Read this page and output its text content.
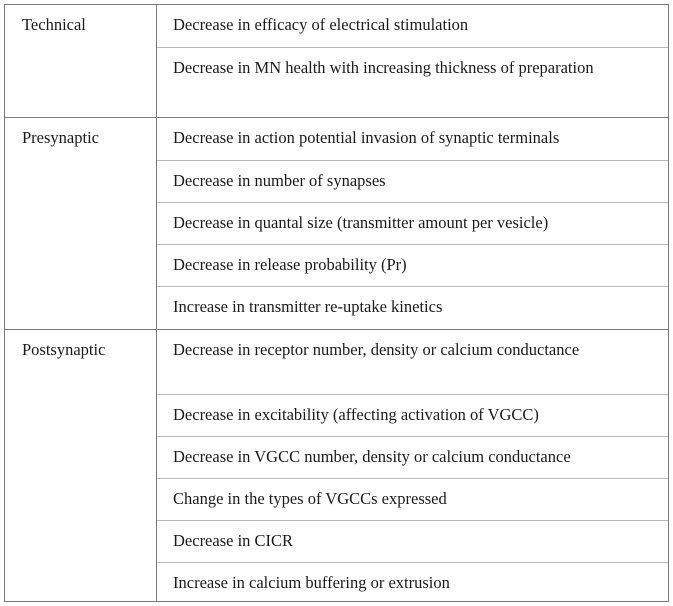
Technical	Decrease in efficacy of electrical stimulation
Decrease in MN health with increasing thickness of preparation
Presynaptic	Decrease in action potential invasion of synaptic terminals
Decrease in number of synapses
Decrease in quantal size (transmitter amount per vesicle)
Decrease in release probability (Pr)
Increase in transmitter re-uptake kinetics
Postsynaptic	Decrease in receptor number, density or calcium conductance
Decrease in excitability (affecting activation of VGCC)
Decrease in VGCC number, density or calcium conductance
Change in the types of VGCCs expressed
Decrease in CICR
Increase in calcium buffering or extrusion
